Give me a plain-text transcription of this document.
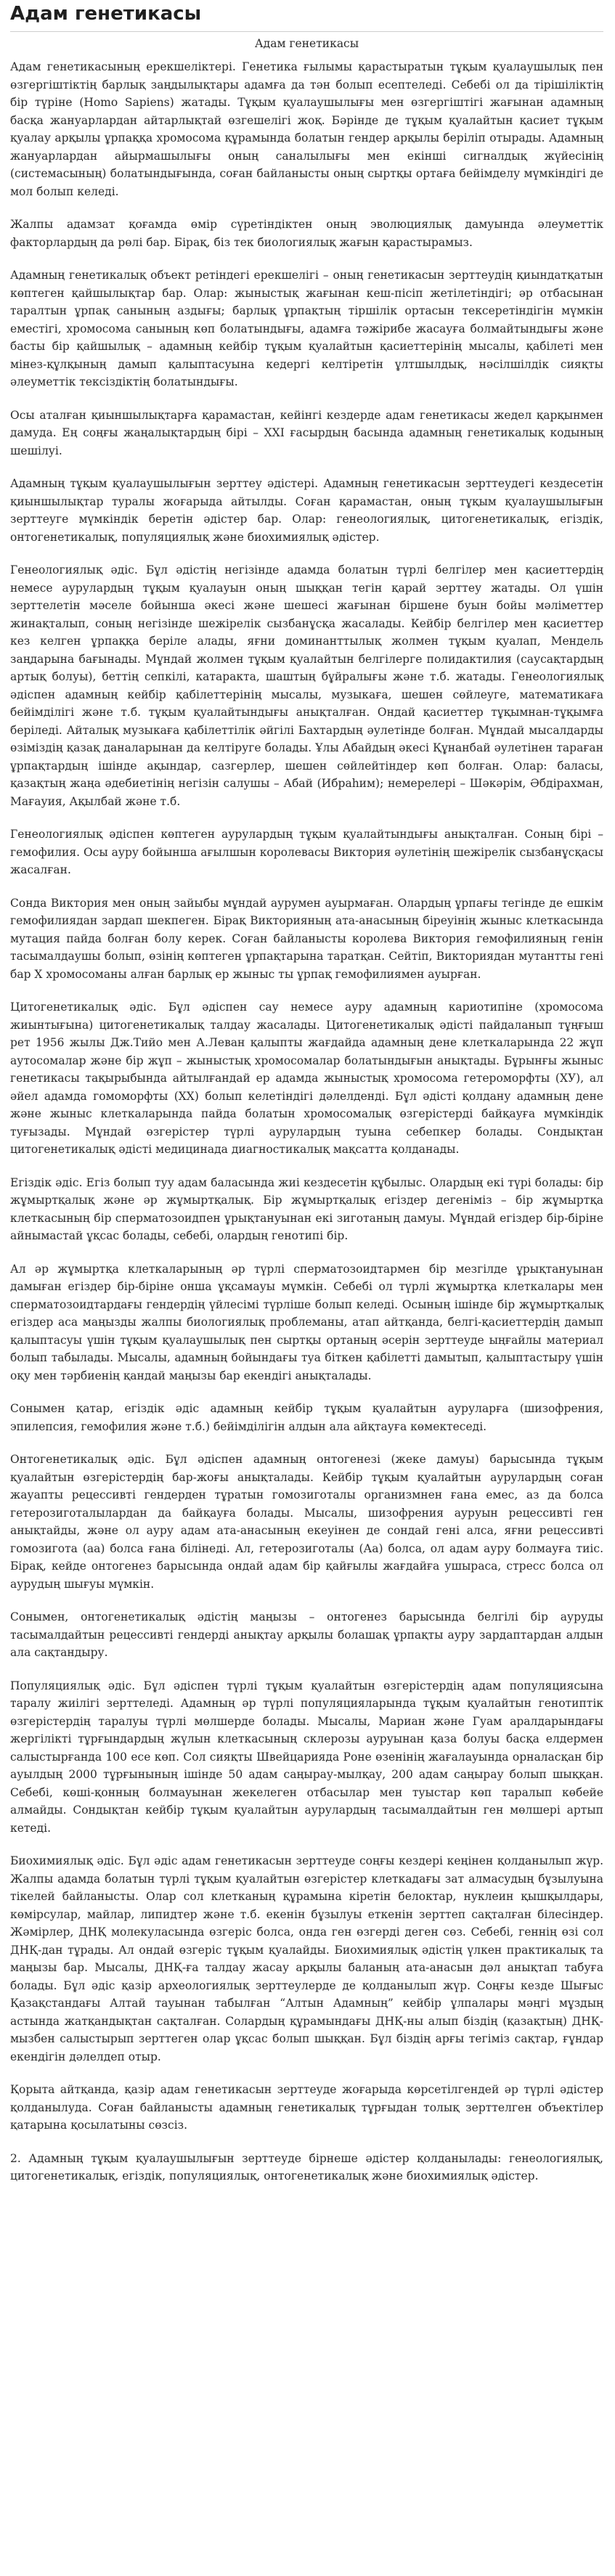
Адам генетикасы
Адам генетикасы

Адам генетикасының ерекшеліктері. Генетика ғылымы қарастыратын тұқым қуалаушылық пен өзгергіштіктің барлық заңдылықтары адамға да тән болып есептеледі. Себебі ол да тірішіліктің бір түріне (Homo Sapiens) жатады. Тұқым қуалаушылығы мен өзгергіштігі жағынан адамның басқа жануарлардан айтарлықтай өзгешелігі жоқ. Бәрінде де тұқым қуалайтын қасиет тұқым қуалау арқылы ұрпаққа хромосома құрамында болатын гендер арқылы беріліп отырады. Адамның жануарлардан айырмашылығы оның саналылығы мен екінші сигналдық жүйесінің (системасының) болатындығында, соған байланысты оның сыртқы ортаға бейімделу мүмкіндігі де мол болып келеді.

Жалпы адамзат қоғамда өмір сүретіндіктен оның эволюциялық дамуында әлеуметтік факторлардың да рөлі бар. Бірақ, біз тек биологиялық жағын қарастырамыз.

Адамның генетикалық объект ретіндегі ерекшелігі – оның генетикасын зерттеудің қиындатқатын көптеген қайшылықтар бар. Олар: жыныстық жағынан кеш-пісіп жетілетіндігі; әр отбасынан таралтын ұрпақ санының аздығы; барлық ұрпақтың тіршілік ортасын тексеретіндігін мүмкін еместігі, хромосома санының көп болатындығы, адамға тәжірибе жасауға болмайтындығы және басты бір қайшылық – адамның кейбір тұқым қуалайтын қасиеттерінің мысалы, қабілеті мен мінез-құлқының дамып қалыптасуына кедергі келтіретін ұлтшылдық, нәсілшілдік сияқты әлеуметтік тексіздіктің болатындығы.

Осы аталған қиыншылықтарға қарамастан, кейінгі кездерде адам генетикасы жедел қарқынмен дамуда. Ең соңғы жаңалықтардың бірі – ХХІ ғасырдың басында адамның генетикалық кодының шешілуі.

Адамның тұқым қуалаушылығын зерттеу әдістері. Адамның генетикасын зерттеудегі кездесетін қиыншылықтар туралы жоғарыда айтылды. Соған қарамастан, оның тұқым қуалаушылығын зерттеуге мүмкіндік беретін әдістер бар. Олар: генеологиялық, цитогенетикалық, егіздік, онтогенетикалық, популяциялық және биохимиялық әдістер.

Генеологиялық әдіс. Бұл әдістің негізінде адамда болатын түрлі белгілер мен қасиеттердің немесе аурулардың тұқым қуалауын оның шыққан тегін қарай зерттеу жатады. Ол үшін зерттелетін мәселе бойынша әкесі және шешесі жағынан біршене буын бойы мәліметтер жинақталып, соның негізінде шежірелік сызбанұсқа жасалады. Кейбір белгілер мен қасиеттер кез келген ұрпаққа беріле алады, яғни доминанттылық жолмен тұқым қуалап, Мендель заңдарына бағынады. Мұндай жолмен тұқым қуалайтын белгілерге полидактилия (саусақтардың артық болуы), беттің сепкілі, катаракта, шаштың бұйралығы және т.б. жатады. Генеологиялық әдіспен адамның кейбір қабілеттерінің мысалы, музыкаға, шешен сөйлеуге, математикаға бейімділігі және т.б. тұқым қуалайтындығы анықталған. Ондай қасиеттер тұқымнан-тұқымға беріледі. Айталық музыкаға қабілеттілік әйгілі Бахтардың әулетінде болған. Мұндай мысалдарды өзіміздің қазақ даналарынан да келтіруге болады. Ұлы Абайдың әкесі Құнанбай әулетінен тараған ұрпақтардың ішінде ақындар, сазгерлер, шешен сөйлейтіндер көп болған. Олар: баласы, қазақтың жаңа әдебиетінің негізін салушы – Абай (Ибраһим); немерелері – Шәкәрім, Әбдірахман, Мағауия, Ақылбай және т.б.

Генеологиялық әдіспен көптеген аурулардың тұқым қуалайтындығы анықталған. Соның бірі – гемофилия. Осы ауру бойынша ағылшын королевасы Виктория әулетінің шежірелік сызбанұсқасы жасалған.

Сонда Виктория мен оның зайыбы мұндай аурумен ауырмаған. Олардың ұрпағы тегінде де ешкім гемофилиядан зардап шекпеген. Бірақ Викторияның ата-анасының біреуінің жыныс клеткасында мутация пайда болған болу керек. Соған байланысты королева Виктория гемофилияның генін тасымалдаушы болып, өзінің көптеген ұрпақтарына таратқан. Сейтіп, Викториядан мутантты гені бар Х хромосоманы алған барлық ер жыныс ты ұрпақ гемофилиямен ауырған.

Цитогенетикалық әдіс. Бұл әдіспен сау немесе ауру адамның кариотипіне (хромосома жиынтығына) цитогенетикалық талдау жасалады. Цитогенетикалық әдісті пайдаланып тұңғыш рет 1956 жылы Дж.Тийо мен А.Леван қалыпты жағдайда адамның дене клеткаларында 22 жұп аутосомалар және бір жұп – жыныстық хромосомалар болатындығын анықтады. Бұрынғы жыныс генетикасы тақырыбында айтылғандай ер адамда жыныстық хромосома гетероморфты (ХУ), ал әйел адамда гомоморфты (ХХ) болып келетіндігі дәлелденді. Бұл әдісті қолдану адамның дене және жыныс клеткаларында пайда болатын хромосомалық өзгерістерді байқауға мүмкіндік туғызады. Мұндай өзгерістер түрлі аурулардың туына себепкер болады. Сондықтан цитогенетикалық әдісті медицинада диагностикалық мақсатта қолданады.

Егіздік әдіс. Егіз болып туу адам баласында жиі кездесетін құбылыс. Олардың екі түрі болады: бір жұмыртқалық және әр жұмыртқалық. Бір жұмыртқалық егіздер дегеніміз – бір жұмыртқа клеткасының бір сперматозоидпен ұрықтануынан екі зиготаның дамуы. Мұндай егіздер бір-біріне айнымастай ұқсас болады, себебі, олардың генотипі бір.

Ал әр жұмыртқа клеткаларының әр түрлі сперматозоидтармен бір мезгілде ұрықтануынан дамыған егіздер бір-біріне онша ұқсамауы мүмкін. Себебі ол түрлі жұмыртқа клеткалары мен сперматозоидтардағы гендердің үйлесімі түрліше болып келеді. Осының ішінде бір жұмыртқалық егіздер аса маңызды жалпы биологиялық проблеманы, атап айтқанда, белгі-қасиеттердің дамып қалыптасуы үшін тұқым қуалаушылық пен сыртқы ортаның әсерін зерттеуде ыңғайлы материал болып табылады. Мысалы, адамның бойындағы туа біткен қабілетті дамытып, қалыптастыру үшін оқу мен тәрбиенің қандай маңызы бар екендігі анықталады.

Сонымен қатар, егіздік әдіс адамның кейбір тұқым қуалайтын ауруларға (шизофрения, эпилепсия, гемофилия және т.б.) бейімділігін алдын ала айқтауға көмектеседі.

Онтогенетикалық әдіс. Бұл әдіспен адамның онтогенезі (жеке дамуы) барысында тұқым қуалайтын өзгерістердің бар-жоғы анықталады. Кейбір тұқым қуалайтын аурулардың соған жауапты рецессивті гендерден тұратын гомозиготалы организмнен ғана емес, аз да болса гетерозиготалылардан да байқауға болады. Мысалы, шизофрения ауруын рецессивті ген анықтайды, және ол ауру адам ата-анасының екеуінен де сондай гені алса, яғни рецессивті гомозигота (аа) болса ғана білінеді. Ал, гетерозиготалы (Аа) болса, ол адам ауру болмауға тиіс. Бірақ, кейде онтогенез барысында ондай адам бір қайғылы жағдайға ушыраса, стресс болса ол аурудың шығуы мүмкін.

Сонымен, онтогенетикалық әдістің маңызы – онтогенез барысында белгілі бір ауруды тасымалдайтын рецессивті гендерді анықтау арқылы болашақ ұрпақты ауру зардаптардан алдын ала сақтандыру.

Популяциялық әдіс. Бұл әдіспен түрлі тұқым қуалайтын өзгерістердің адам популяциясына таралу жиілігі зерттеледі. Адамның әр түрлі популяцияларында тұқым қуалайтын генотиптік өзгерістердің таралуы түрлі мөлшерде болады. Мысалы, Мариан және Гуам аралдарындағы жергілікті тұрғындардың жүлын клеткасының склерозы ауруынан қаза болуы басқа елдермен салыстырғанда 100 есе көп. Сол сияқты Швейцарияда Роне өзенінің жағалауында орналасқан бір ауылдың 2000 тұрғынының ішінде 50 адам саңырау-мылқау, 200 адам саңырау болып шыққан. Себебі, көші-қонның болмауынан жекелеген отбасылар мен туыстар көп таралып көбейе алмайды. Сондықтан кейбір тұқым қуалайтын аурулардың тасымалдайтын ген мөлшері артып кетеді.

Биохимиялық әдіс. Бұл әдіс адам генетикасын зерттеуде соңғы кездері кеңінен қолданылып жүр. Жалпы адамда болатын түрлі тұқым қуалайтын өзгерістер клеткадағы зат алмасудың бұзылуына тікелей байланысты. Олар сол клетканың құрамына кіретін белоктар, нуклеин қышқылдары, көмірсулар, майлар, липидтер және т.б. екенін бұзылуы еткенін зерттеп сақталған білесіндер. Жәмірлер, ДНҚ молекуласында өзгеріс болса, онда ген өзгерді деген сөз. Себебі, геннің өзі сол ДНҚ-дан тұрады. Ал ондай өзгеріс тұқым қуалайды. Биохимиялық әдістің үлкен практикалық та маңызы бар. Мысалы, ДНҚ-ға талдау жасау арқылы баланың ата-анасын дәл анықтап табуға болады. Бұл әдіс қазір археологиялық зерттеулерде де қолданылып жүр. Соңғы кезде Шығыс Қазақстандағы Алтай тауынан табылған “Алтын Адамның” кейбір ұлпалары мәңгі мұздың астында жатқандықтан сақталған. Солардың құрамындағы ДНҚ-ны алып біздің (қазақтың) ДНҚ-мызбен салыстырып зерттеген олар ұқсас болып шыққан. Бұл біздің арғы тегіміз сақтар, ғұндар екендігін дәлелдеп отыр.

Қорыта айтқанда, қазір адам генетикасын зерттеуде жоғарыда көрсетілгендей әр түрлі әдістер қолданылуда. Соған байланысты адамның генетикалық тұрғыдан толық зерттелген объектілер қатарына қосылатыны сөзсіз.

2. Адамның тұқым қуалаушылығын зерттеуде бірнеше әдістер қолданылады: генеологиялық, цитогенетикалық, егіздік, популяциялық, онтогенетикалық және биохимиялық әдістер.
